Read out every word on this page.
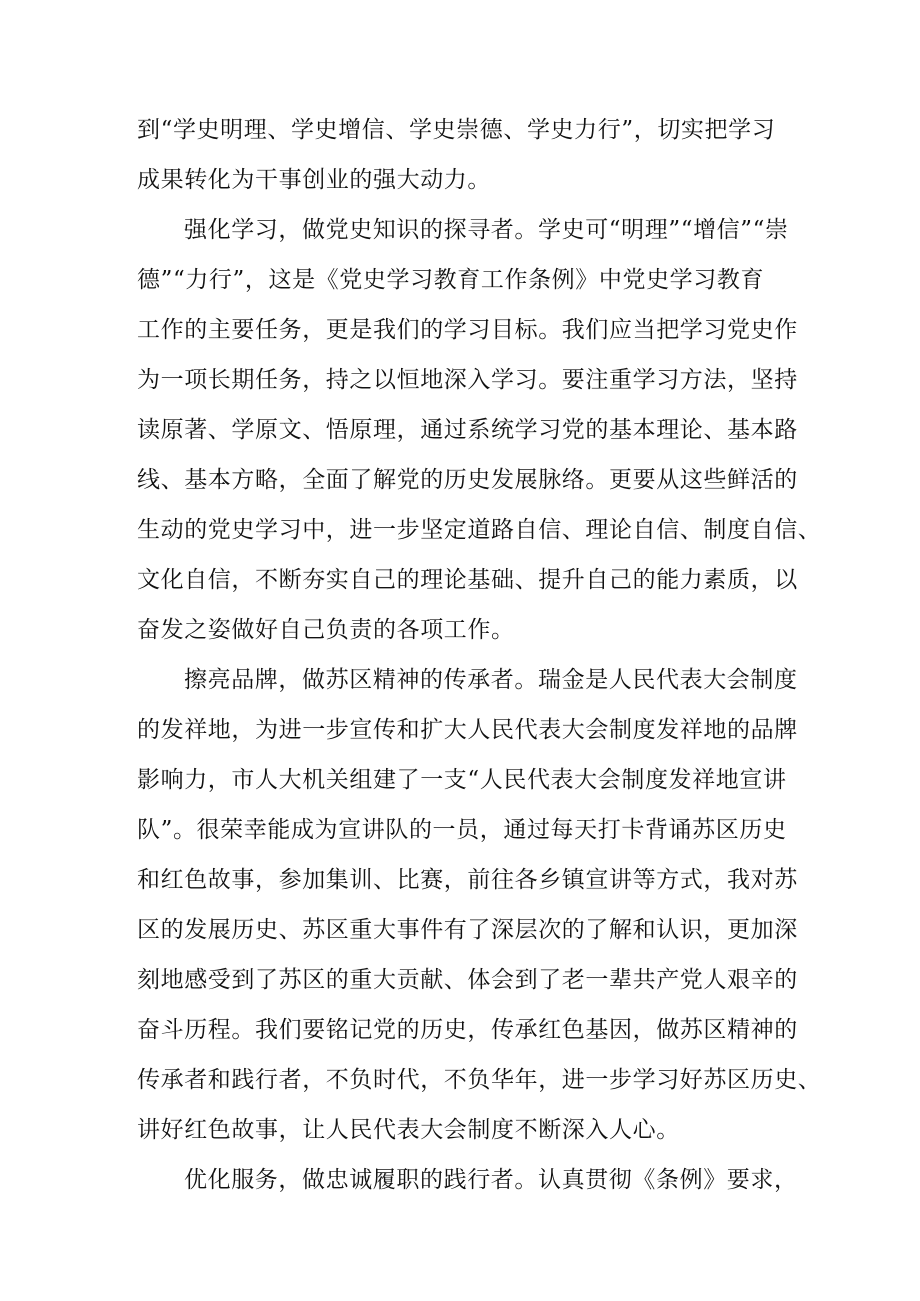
到“学史明理、学史增信、学史崇德、学史力行”，切实把学习
成果转化为干事创业的强大动力。
强化学习，做党史知识的探寻者。学史可“明理”“增信”“崇
德”“力行”，这是《党史学习教育工作条例》中党史学习教育
工作的主要任务，更是我们的学习目标。我们应当把学习党史作
为一项长期任务，持之以恒地深入学习。要注重学习方法，坚持
读原著、学原文、悟原理，通过系统学习党的基本理论、基本路
线、基本方略，全面了解党的历史发展脉络。更要从这些鲜活的
生动的党史学习中，进一步坚定道路自信、理论自信、制度自信、
文化自信，不断夯实自己的理论基础、提升自己的能力素质，以
奋发之姿做好自己负责的各项工作。
擦亮品牌，做苏区精神的传承者。瑞金是人民代表大会制度
的发祥地，为进一步宣传和扩大人民代表大会制度发祥地的品牌
影响力，市人大机关组建了一支“人民代表大会制度发祥地宣讲
队”。很荣幸能成为宣讲队的一员，通过每天打卡背诵苏区历史
和红色故事，参加集训、比赛，前往各乡镇宣讲等方式，我对苏
区的发展历史、苏区重大事件有了深层次的了解和认识，更加深
刻地感受到了苏区的重大贡献、体会到了老一辈共产党人艰辛的
奋斗历程。我们要铭记党的历史，传承红色基因，做苏区精神的
传承者和践行者，不负时代，不负华年，进一步学习好苏区历史、
讲好红色故事，让人民代表大会制度不断深入人心。
优化服务，做忠诚履职的践行者。认真贯彻《条例》要求，
